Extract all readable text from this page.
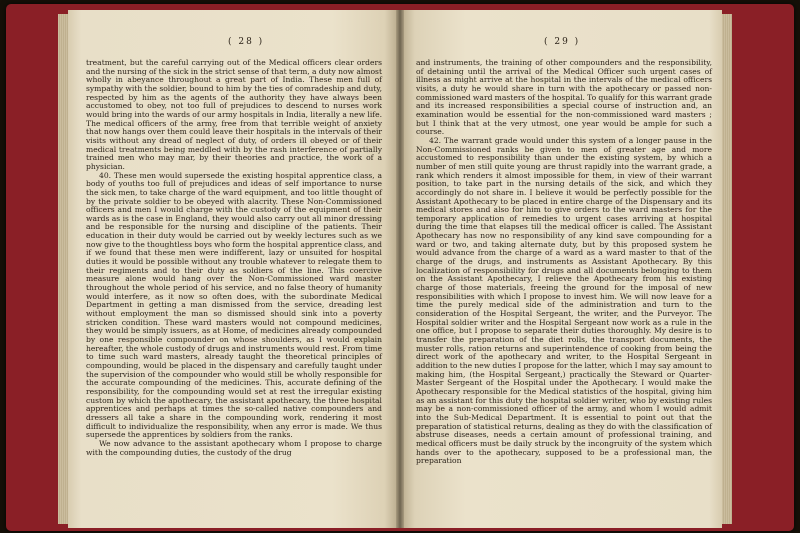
( 28 )

treatment, but the careful carrying out of the Medical officers clear orders and the nursing of the sick in the strict sense of that term, a duty now almost wholly in abeyance throughout a great part of India. These men full of sympathy with the soldier, bound to him by the ties of comradeship and duty, respected by him as the agents of the authority they have always been accustomed to obey, not too full of prejudices to descend to nurses work would bring into the wards of our army hospitals in India, literally a new life. The medical officers of the army, free from that terrible weight of anxiety that now hangs over them could leave their hospitals in the intervals of their visits without any dread of neglect of duty, of orders ill obeyed or of their medical treatments being meddled with by the rash interference of partially trained men who may mar, by their theories and practice, the work of a physician.

40. These men would supersede the existing hospital apprentice class, a body of youths too full of prejudices and ideas of self importance to nurse the sick men, to take charge of the ward equipment, and too little thought of by the private soldier to be obeyed with alacrity. These Non-Commissioned officers and men I would charge with the custody of the equipment of their wards as is the case in England, they would also carry out all minor dressing and be responsible for the nursing and discipline of the patients. Their education in their duty would be carried out by weekly lectures such as we now give to the thoughtless boys who form the hospital apprentice class, and if we found that these men were indifferent, lazy or unsuited for hospital duties it would be possible without any trouble whatever to relegate them to their regiments and to their duty as soldiers of the line. This coercive measure alone would hang over the Non-Commissioned ward master throughout the whole period of his service, and no false theory of humanity would interfere, as it now so often does, with the subordinate Medical Department in getting a man dismissed from the service, dreading lest without employment the man so dismissed should sink into a poverty stricken condition. These ward masters would not compound medicines, they would be simply issuers, as at Home, of medicines already compounded by one responsible compounder on whose shoulders, as I would explain hereafter, the whole custody of drugs and instruments would rest. From time to time such ward masters, already taught the theoretical principles of compounding, would be placed in the dispensary and carefully taught under the supervision of the compounder who would still be wholly responsible for the accurate compounding of the medicines. This, accurate defining of the responsibility, for the compounding would set at rest the irregular existing custom by which the apothecary, the assistant apothecary, the three hospital apprentices and perhaps at times the so-called native compounders and dressers all take a share in the compounding work, rendering it most difficult to individualize the responsibility, when any error is made. We thus supersede the apprentices by soldiers from the ranks.

We now advance to the assistant apothecary whom I propose to charge with the compounding duties, the custody of the drug

( 29 )

and instruments, the training of other compounders and the responsibility, of detaining until the arrival of the Medical Officer such urgent cases of illness as might arrive at the hospital in the intervals of the medical officers visits, a duty he would share in turn with the apothecary or passed non-commissioned ward masters of the hospital. To qualify for this warrant grade and its increased responsibilities a special course of instruction and, an examination would be essential for the non-commissioned ward masters ; but I think that at the very utmost, one year would be ample for such a course.

42. The warrant grade would under this system of a longer pause in the Non-Commissioned ranks be given to men of greater age and more accustomed to responsibility than under the existing system, by which a number of men still quite young are thrust rapidly into the warrant grade, a rank which renders it almost impossible for them, in view of their warrant position, to take part in the nursing details of the sick, and which they accordingly do not share in. I believe it would be perfectly possible for the Assistant Apothecary to be placed in entire charge of the Dispensary and its medical stores and also for him to give orders to the ward masters for the temporary application of remedies to urgent cases arriving at hospital during the time that elapses till the medical officer is called. The Assistant Apothecary has now no responsibility of any kind save compounding for a ward or two, and taking alternate duty, but by this proposed system he would advance from the charge of a ward as a ward master to that of the charge of the drugs, and instruments as Assistant Apothecary. By this localization of responsibility for drugs and all documents belonging to them on the Assistant Apothecary, I relieve the Apothecary from his existing charge of those materials, freeing the ground for the imposal of new responsibilities with which I propose to invest him. We will now leave for a time the purely medical side of the administration and turn to the consideration of the Hospital Sergeant, the writer, and the Purveyor. The Hospital soldier writer and the Hospital Sergeant now work as a rule in the one office, but I propose to separate their duties thoroughly. My desire is to transfer the preparation of the diet rolls, the transport documents, the muster rolls, ration returns and superintendence of cooking from being the direct work of the apothecary and writer, to the Hospital Sergeant in addition to the new duties I propose for the latter, which I may say amount to making him, (the Hospital Sergeant,) practically the Steward or Quarter-Master Sergeant of the Hospital under the Apothecary. I would make the Apothecary responsible for the Medical statistics of the hospital, giving him as an assistant for this duty the hospital soldier writer, who by existing rules may be a non-commissioned officer of the army, and whom I would admit into the Sub-Medical Department. It is essential to point out that the preparation of statistical returns, dealing as they do with the classification of abstruse diseases, needs a certain amount of professional training, and medical officers must be daily struck by the incongruity of the system which hands over to the apothecary, supposed to be a professional man, the preparation
